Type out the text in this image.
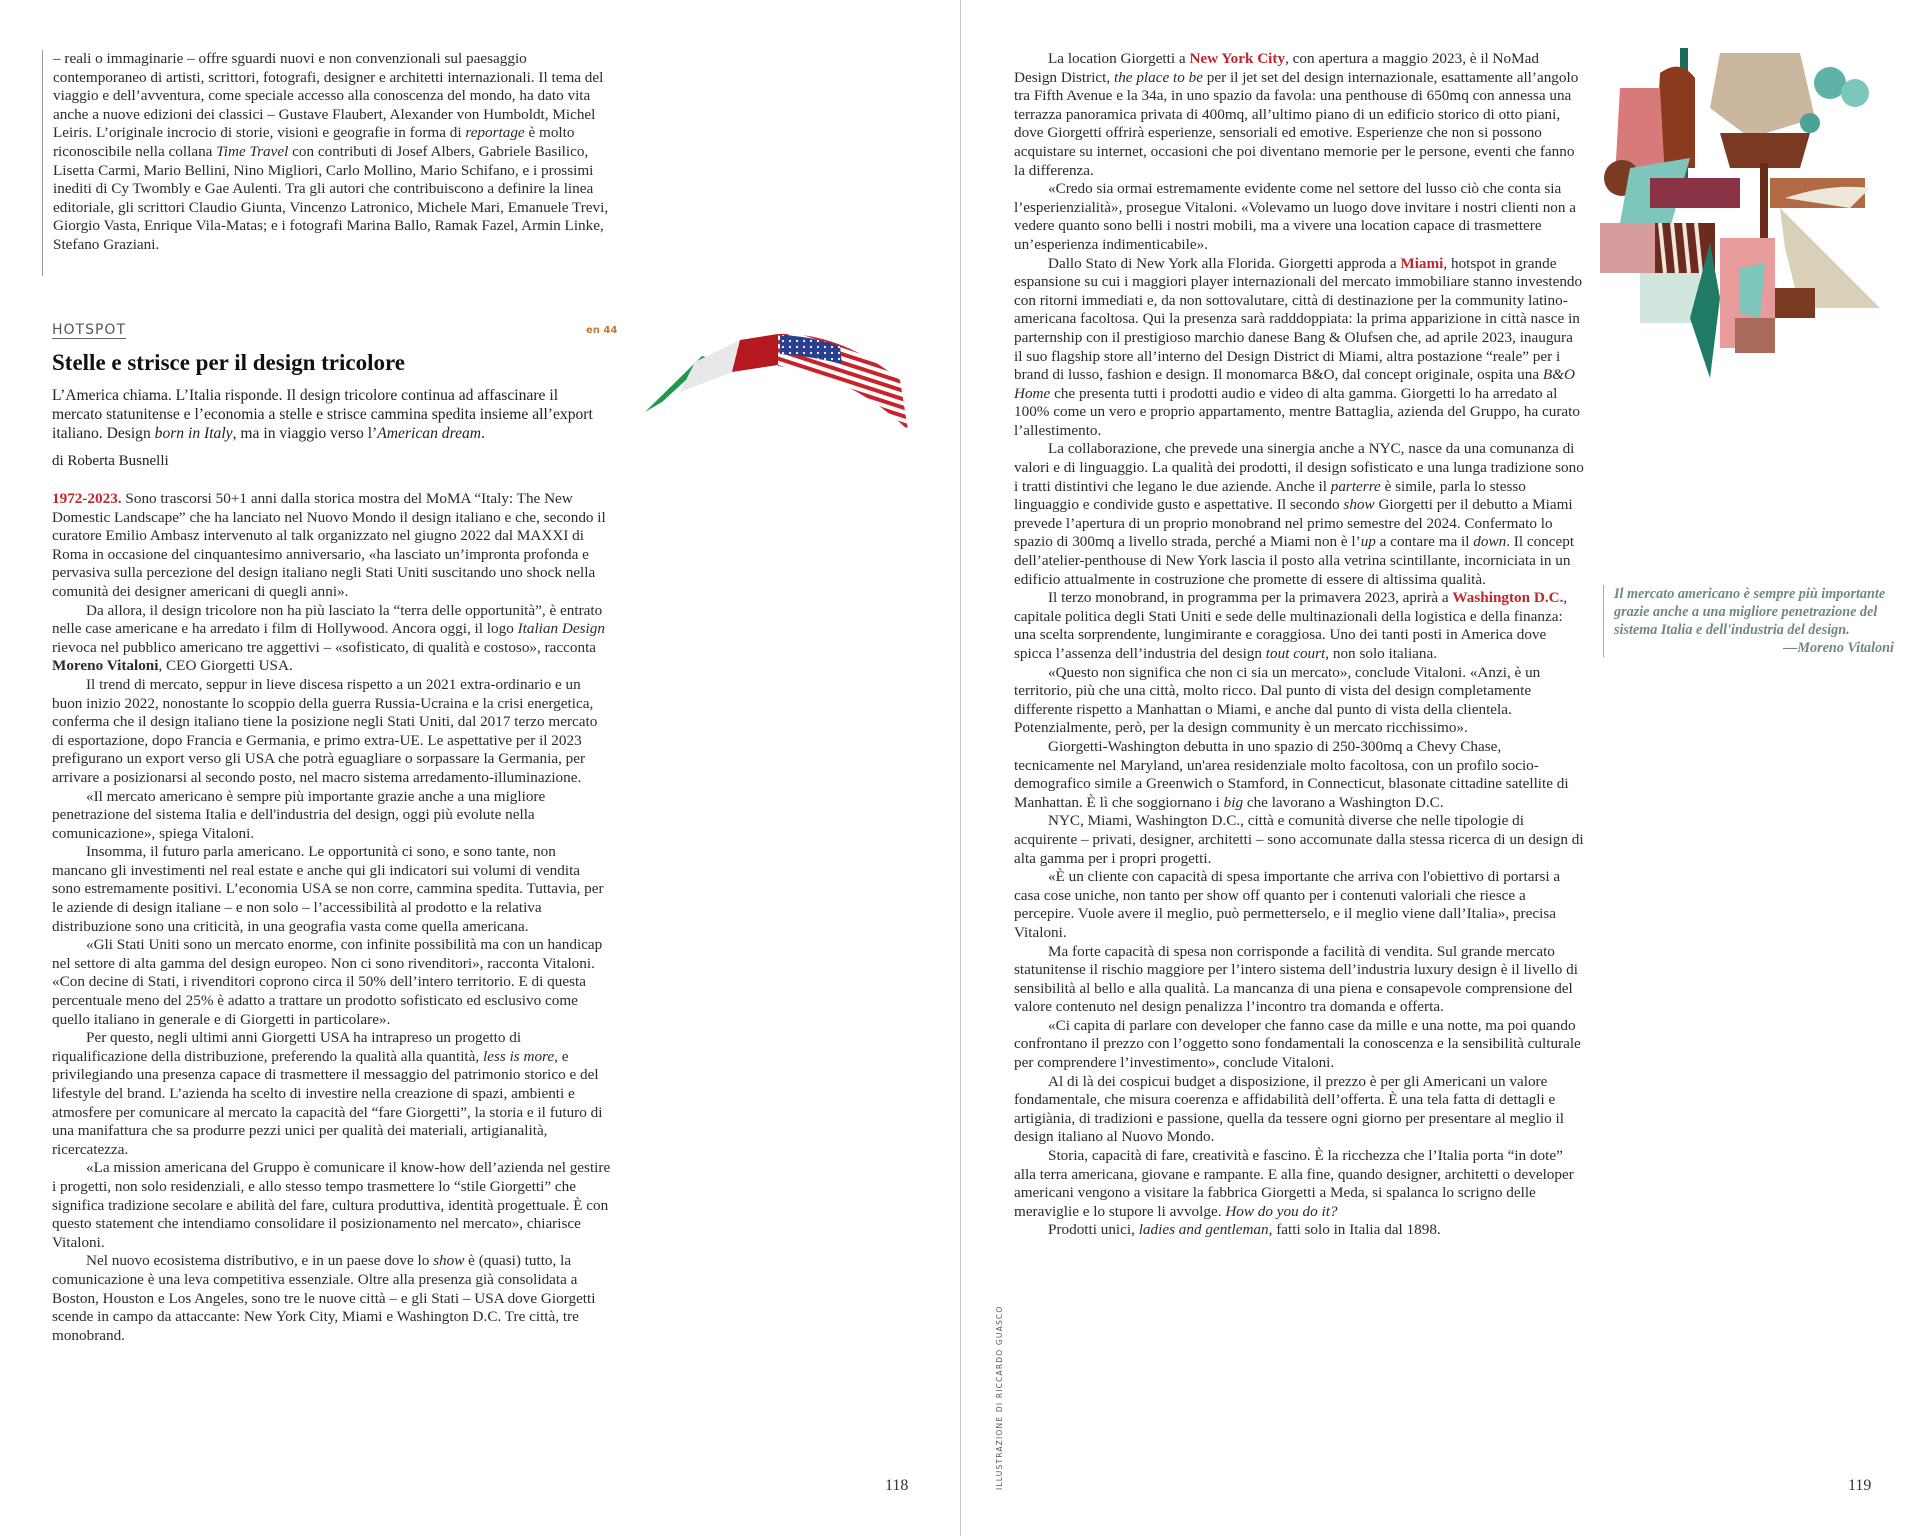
– reali o immaginarie – offre sguardi nuovi e non convenzionali sul paesaggio contemporaneo di artisti, scrittori, fotografi, designer e architetti internazionali. Il tema del viaggio e dell’avventura, come speciale accesso alla conoscenza del mondo, ha dato vita anche a nuove edizioni dei classici – Gustave Flaubert, Alexander von Humboldt, Michel Leiris. L’originale incrocio di storie, visioni e geografie in forma di reportage è molto riconoscibile nella collana Time Travel con contributi di Josef Albers, Gabriele Basilico, Lisetta Carmi, Mario Bellini, Nino Migliori, Carlo Mollino, Mario Schifano, e i prossimi inediti di Cy Twombly e Gae Aulenti. Tra gli autori che contribuiscono a definire la linea editoriale, gli scrittori Claudio Giunta, Vincenzo Latronico, Michele Mari, Emanuele Trevi, Giorgio Vasta, Enrique Vila-Matas; e i fotografi Marina Ballo, Ramak Fazel, Armin Linke, Stefano Graziani.
HOTSPOT	en 44
Stelle e strisce per il design tricolore
L’America chiama. L’Italia risponde. Il design tricolore continua ad affascinare il mercato statunitense e l’economia a stelle e strisce cammina spedita insieme all’export italiano. Design born in Italy, ma in viaggio verso l’American dream.
di Roberta Busnelli

1972-2023. Sono trascorsi 50+1 anni dalla storica mostra del MoMA “Italy: The New Domestic Landscape” che ha lanciato nel Nuovo Mondo il design italiano e che, secondo il curatore Emilio Ambasz intervenuto al talk organizzato nel giugno 2022 dal MAXXI di Roma in occasione del cinquantesimo anniversario, «ha lasciato un’impronta profonda e pervasiva sulla percezione del design italiano negli Stati Uniti suscitando uno shock nella comunità dei designer americani di quegli anni».

Da allora, il design tricolore non ha più lasciato la “terra delle opportunità”, è entrato nelle case americane e ha arredato i film di Hollywood. Ancora oggi, il logo Italian Design rievoca nel pubblico americano tre aggettivi – «sofisticato, di qualità e costoso», racconta Moreno Vitaloni, CEO Giorgetti USA.

Il trend di mercato, seppur in lieve discesa rispetto a un 2021 extra-ordinario e un buon inizio 2022, nonostante lo scoppio della guerra Russia-Ucraina e la crisi energetica, conferma che il design italiano tiene la posizione negli Stati Uniti, dal 2017 terzo mercato di esportazione, dopo Francia e Germania, e primo extra-UE. Le aspettative per il 2023 prefigurano un export verso gli USA che potrà eguagliare o sorpassare la Germania, per arrivare a posizionarsi al secondo posto, nel macro sistema arredamento-illuminazione.

«Il mercato americano è sempre più importante grazie anche a una migliore penetrazione del sistema Italia e dell'industria del design, oggi più evolute nella comunicazione», spiega Vitaloni.

Insomma, il futuro parla americano. Le opportunità ci sono, e sono tante, non mancano gli investimenti nel real estate e anche qui gli indicatori sui volumi di vendita sono estremamente positivi. L’economia USA se non corre, cammina spedita. Tuttavia, per le aziende di design italiane – e non solo – l’accessibilità al prodotto e la relativa distribuzione sono una criticità, in una geografia vasta come quella americana.

«Gli Stati Uniti sono un mercato enorme, con infinite possibilità ma con un handicap nel settore di alta gamma del design europeo. Non ci sono rivenditori», racconta Vitaloni. «Con decine di Stati, i rivenditori coprono circa il 50% dell’intero territorio. E di questa percentuale meno del 25% è adatto a trattare un prodotto sofisticato ed esclusivo come quello italiano in generale e di Giorgetti in particolare».

Per questo, negli ultimi anni Giorgetti USA ha intrapreso un progetto di riqualificazione della distribuzione, preferendo la qualità alla quantità, less is more, e privilegiando una presenza capace di trasmettere il messaggio del patrimonio storico e del lifestyle del brand. L’azienda ha scelto di investire nella creazione di spazi, ambienti e atmosfere per comunicare al mercato la capacità del “fare Giorgetti”, la storia e il futuro di una manifattura che sa produrre pezzi unici per qualità dei materiali, artigianalità, ricercatezza.

«La mission americana del Gruppo è comunicare il know-how dell’azienda nel gestire i progetti, non solo residenziali, e allo stesso tempo trasmettere lo “stile Giorgetti” che significa tradizione secolare e abilità del fare, cultura produttiva, identità progettuale. È con questo statement che intendiamo consolidare il posizionamento nel mercato», chiarisce Vitaloni.

Nel nuovo ecosistema distributivo, e in un paese dove lo show è (quasi) tutto, la comunicazione è una leva competitiva essenziale. Oltre alla presenza già consolidata a Boston, Houston e Los Angeles, sono tre le nuove città – e gli Stati – USA dove Giorgetti scende in campo da attaccante: New York City, Miami e Washington D.C. Tre città, tre monobrand.

118

La location Giorgetti a New York City, con apertura a maggio 2023, è il NoMad Design District, the place to be per il jet set del design internazionale, esattamente all’angolo tra Fifth Avenue e la 34a, in uno spazio da favola: una penthouse di 650mq con annessa una terrazza panoramica privata di 400mq, all’ultimo piano di un edificio storico di otto piani, dove Giorgetti offrirà esperienze, sensoriali ed emotive. Esperienze che non si possono acquistare su internet, occasioni che poi diventano memorie per le persone, eventi che fanno la differenza.

«Credo sia ormai estremamente evidente come nel settore del lusso ciò che conta sia l’esperienzialità», prosegue Vitaloni. «Volevamo un luogo dove invitare i nostri clienti non a vedere quanto sono belli i nostri mobili, ma a vivere una location capace di trasmettere un’esperienza indimenticabile».

Dallo Stato di New York alla Florida. Giorgetti approda a Miami, hotspot in grande espansione su cui i maggiori player internazionali del mercato immobiliare stanno investendo con ritorni immediati e, da non sottovalutare, città di destinazione per la community latino-americana facoltosa. Qui la presenza sarà radddoppiata: la prima apparizione in città nasce in parternship con il prestigioso marchio danese Bang & Olufsen che, ad aprile 2023, inaugura il suo flagship store all’interno del Design District di Miami, altra postazione “reale” per i brand di lusso, fashion e design. Il monomarca B&O, dal concept originale, ospita una B&O Home che presenta tutti i prodotti audio e video di alta gamma. Giorgetti lo ha arredato al 100% come un vero e proprio appartamento, mentre Battaglia, azienda del Gruppo, ha curato l’allestimento.

La collaborazione, che prevede una sinergia anche a NYC, nasce da una comunanza di valori e di linguaggio. La qualità dei prodotti, il design sofisticato e una lunga tradizione sono i tratti distintivi che legano le due aziende. Anche il parterre è simile, parla lo stesso linguaggio e condivide gusto e aspettative. Il secondo show Giorgetti per il debutto a Miami prevede l’apertura di un proprio monobrand nel primo semestre del 2024. Confermato lo spazio di 300mq a livello strada, perché a Miami non è l’up a contare ma il down. Il concept dell’atelier-penthouse di New York lascia il posto alla vetrina scintillante, incorniciata in un edificio attualmente in costruzione che promette di essere di altissima qualità.

Il terzo monobrand, in programma per la primavera 2023, aprirà a Washington D.C., capitale politica degli Stati Uniti e sede delle multinazionali della logistica e della finanza: una scelta sorprendente, lungimirante e coraggiosa. Uno dei tanti posti in America dove spicca l’assenza dell’industria del design tout court, non solo italiana.

«Questo non significa che non ci sia un mercato», conclude Vitaloni. «Anzi, è un territorio, più che una città, molto ricco. Dal punto di vista del design completamente differente rispetto a Manhattan o Miami, e anche dal punto di vista della clientela. Potenzialmente, però, per la design community è un mercato ricchissimo».

Giorgetti-Washington debutta in uno spazio di 250-300mq a Chevy Chase, tecnicamente nel Maryland, un'area residenziale molto facoltosa, con un profilo socio-demografico simile a Greenwich o Stamford, in Connecticut, blasonate cittadine satellite di Manhattan. È lì che soggiornano i big che lavorano a Washington D.C.

NYC, Miami, Washington D.C., città e comunità diverse che nelle tipologie di acquirente – privati, designer, architetti – sono accomunate dalla stessa ricerca di un design di alta gamma per i propri progetti.

«È un cliente con capacità di spesa importante che arriva con l'obiettivo di portarsi a casa cose uniche, non tanto per show off quanto per i contenuti valoriali che riesce a percepire. Vuole avere il meglio, può permetterselo, e il meglio viene dall’Italia», precisa Vitaloni.

Ma forte capacità di spesa non corrisponde a facilità di vendita. Sul grande mercato statunitense il rischio maggiore per l’intero sistema dell’industria luxury design è il livello di sensibilità al bello e alla qualità. La mancanza di una piena e consapevole comprensione del valore contenuto nel design penalizza l’incontro tra domanda e offerta.

«Ci capita di parlare con developer che fanno case da mille e una notte, ma poi quando confrontano il prezzo con l’oggetto sono fondamentali la conoscenza e la sensibilità culturale per comprendere l’investimento», conclude Vitaloni.

Al di là dei cospicui budget a disposizione, il prezzo è per gli Americani un valore fondamentale, che misura coerenza e affidabilità dell’offerta. È una tela fatta di dettagli e artigiània, di tradizioni e passione, quella da tessere ogni giorno per presentare al meglio il design italiano al Nuovo Mondo.

Storia, capacità di fare, creatività e fascino. È la ricchezza che l’Italia porta “in dote” alla terra americana, giovane e rampante. E alla fine, quando designer, architetti o developer americani vengono a visitare la fabbrica Giorgetti a Meda, si spalanca lo scrigno delle meraviglie e lo stupore li avvolge. How do you do it?

Prodotti unici, ladies and gentleman, fatti solo in Italia dal 1898.

Il mercato americano è sempre più importante grazie anche a una migliore penetrazione del sistema Italia e dell'industria del design.
—Moreno Vitaloni
ILLUSTRAZIONE DI RICCARDO GUASCO	119
